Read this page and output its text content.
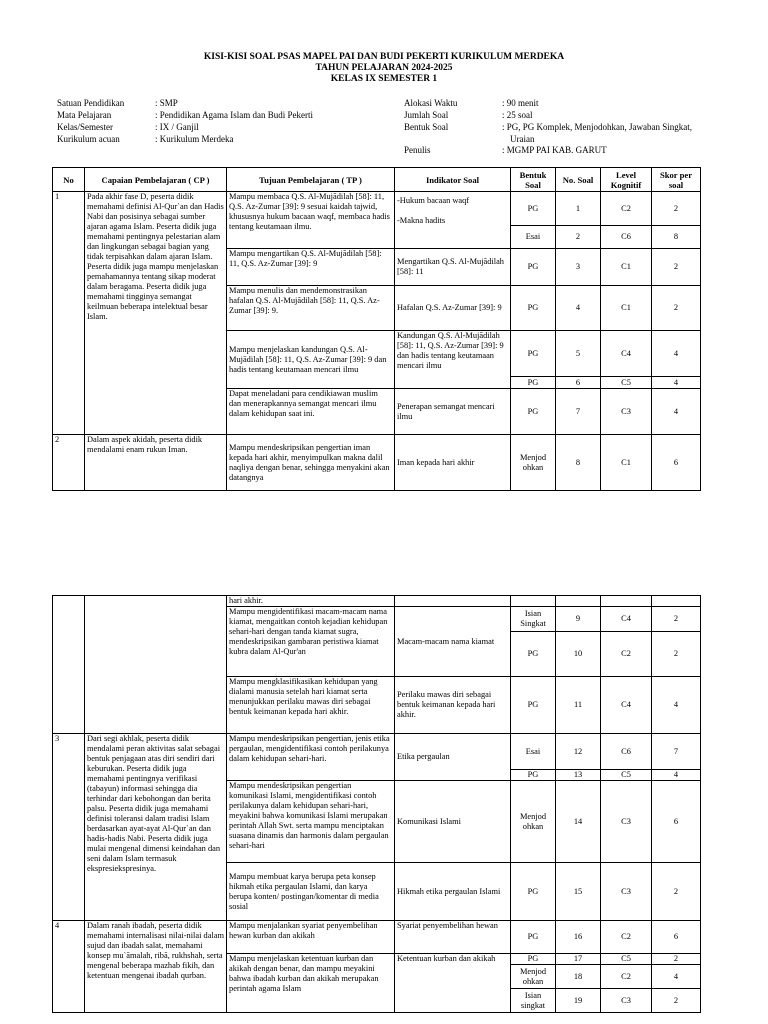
KISI-KISI SOAL PSAS MAPEL PAI DAN BUDI PEKERTI KURIKULUM MERDEKA
TAHUN PELAJARAN 2024-2025
KELAS IX SEMESTER 1
Satuan Pendidikan	: SMP
Mata Pelajaran	: Pendidikan Agama Islam dan Budi Pekerti
Kelas/Semester	: IX / Ganjil
Kurikulum acuan	: Kurikulum Merdeka
Alokasi Waktu	: 90 menit
Jumlah Soal	: 25 soal
Bentuk Soal	: PG, PG Komplek, Menjodohkan, Jawaban Singkat,
Uraian
Penulis	: MGMP PAI KAB. GARUT
No	Capaian Pembelajaran ( CP )	Tujuan Pembelajaran ( TP )	Indikator Soal	Bentuk Soal	No. Soal	Level Kognitif	Skor per soal
1	Pada akhir fase D, peserta didik memahami definisi Al-Qur`an dan Hadis Nabi dan posisinya sebagai sumber ajaran agama Islam. Peserta didik juga memahami pentingnya pelestarian alam dan lingkungan sebagai bagian yang tidak terpisahkan dalam ajaran Islam. Peserta didik juga mampu menjelaskan pemahamannya tentang sikap moderat dalam beragama. Peserta didik juga memahami tingginya semangat keilmuan beberapa intelektual besar Islam.	Mampu membaca Q.S. Al-Mujādilah [58]: 11, Q.S. Az-Zumar [39]: 9 sesuai kaidah tajwid, khususnya hukum bacaan waqf, membaca hadis tentang keutamaan ilmu.	-Hukum bacaan waqf
-Makna hadits	PG	1	C2	2
				Esai	2	C6	8
		Mampu mengartikan Q.S. Al-Mujādilah [58]: 11, Q.S. Az-Zumar [39]: 9	Mengartikan Q.S. Al-Mujādilah [58]: 11	PG	3	C1	2
		Mampu menulis dan mendemonstrasikan hafalan Q.S. Al-Mujādilah [58]: 11, Q.S. Az-Zumar [39]: 9.	Hafalan Q.S. Az-Zumar [39]: 9	PG	4	C1	2
		Mampu menjelaskan kandungan Q.S. Al-Mujādilah [58]: 11, Q.S. Az-Zumar [39]: 9 dan hadis tentang keutamaan mencari ilmu	Kandungan Q.S. Al-Mujādilah [58]: 11, Q.S. Az-Zumar [39]: 9 dan hadis tentang keutamaan mencari ilmu	PG	5	C4	4
				PG	6	C5	4
		Dapat meneladani para cendikiawan muslim dan menerapkannya semangat mencari ilmu dalam kehidupan saat ini.	Penerapan semangat mencari ilmu	PG	7	C3	4
2	Dalam aspek akidah, peserta didik mendalami enam rukun Iman.	Mampu mendeskripsikan pengertian iman kepada hari akhir, menyimpulkan makna dalil naqliya dengan benar, sehingga menyakini akan datangnya	Iman kepada hari akhir	Menjod ohkan	8	C1	6
		hari akhir.					
		Mampu mengidentifikasi macam-macam nama kiamat, mengaitkan contoh kejadian kehidupan sehari-hari dengan tanda kiamat sugra, mendeskripsikan gambaran peristiwa kiamat kubra dalam Al-Qur'an	Macam-macam nama kiamat	Isian Singkat	9	C4	2
				PG	10	C2	2
		Mampu mengklasifikasikan kehidupan yang dialami manusia setelah hari kiamat serta menunjukkan perilaku mawas diri sebagai bentuk keimanan kepada hari akhir.	Perilaku mawas diri sebagai bentuk keimanan kepada hari akhir.	PG	11	C4	4
3	Dari segi akhlak, peserta didik mendalami peran aktivitas salat sebagai bentuk penjagaan atas diri sendiri dari keburukan. Peserta didik juga memahami pentingnya verifikasi (tabayun) informasi sehingga dia terhindar dari kebohongan dan berita palsu. Peserta didik juga memahami definisi toleransi dalam tradisi Islam berdasarkan ayat-ayat Al-Qur`an dan hadis-hadis Nabi. Peserta didik juga mulai mengenal dimensi keindahan dan seni dalam Islam termasuk ekspresiekspresinya.	Mampu mendeskripsikan pengertian, jenis etika pergaulan, mengidentifikasi contoh perilakunya dalam kehidupan sehari-hari.	Etika pergaulan	Esai	12	C6	7
				PG	13	C5	4
		Mampu mendeskripsikan pengertian komunikasi Islami, mengidentifikasi contoh perilakunya dalam kehidupan sehari-hari, meyakini bahwa komunikasi Islami merupakan perintah Allah Swt. serta mampu menciptakan suasana dinamis dan harmonis dalam pergaulan sehari-hari	Komunikasi Islami	Menjod ohkan	14	C3	6
		Mampu membuat karya berupa peta konsep hikmah etika pergaulan Islami, dan karya berupa konten/ postingan/komentar di media sosial	Hikmah etika pergaulan Islami	PG	15	C3	2

4	Dalam ranah ibadah, peserta didik memahami internalisasi nilai-nilai dalam sujud dan ibadah salat, memahami konsep mu`āmalah, ribā, rukhshah, serta mengenal beberapa mazhab fikih, dan ketentuan mengenai ibadah qurban.	Mampu menjalankan syariat penyembelihan hewan kurban dan akikah	Syariat penyembelihan hewan	PG	16	C2	6
		Mampu menjelaskan ketentuan kurban dan akikah dengan benar, dan mampu meyakini bahwa ibadah kurban dan akikah merupakan perintah agama Islam	Ketentuan kurban dan akikah	PG	17	C5	2
				Menjod ohkan	18	C2	4
				Isian singkat	19	C3	2
